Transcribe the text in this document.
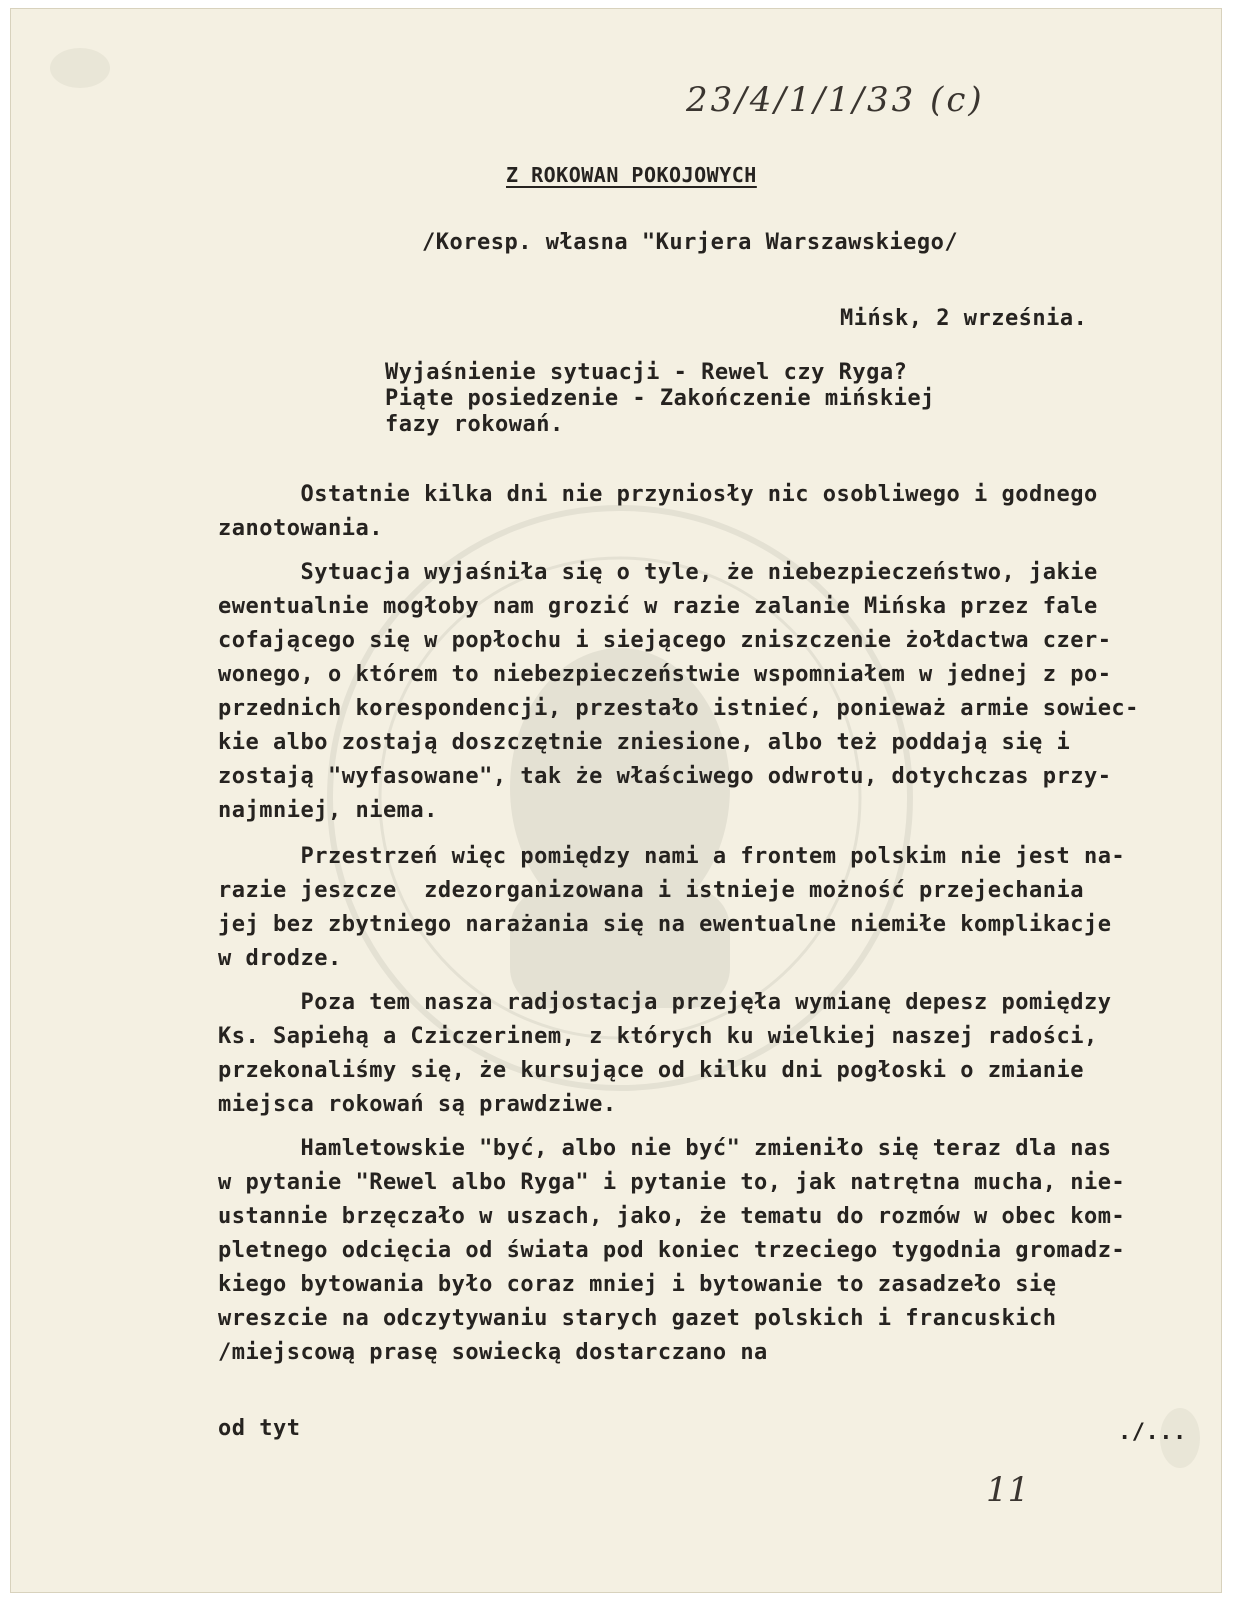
23/4/1/1/33 (c)
Z ROKOWAN POKOJOWYCH
/Koresp. własna "Kurjera Warszawskiego/
Mińsk, 2 września.
Wyjaśnienie sytuacji - Rewel czy Ryga?
Piąte posiedzenie - Zakończenie mińskiej
fazy rokowań.
Ostatnie kilka dni nie przyniosły nic osobliwego i godnego
zanotowania.
Sytuacja wyjaśniła się o tyle, że niebezpieczeństwo, jakie
ewentualnie mogłoby nam grozić w razie zalanie Mińska przez fale
cofającego się w popłochu i siejącego zniszczenie żołdactwa czer-
wonego, o którem to niebezpieczeństwie wspomniałem w jednej z po-
przednich korespondencji, przestało istnieć, ponieważ armie sowiec-
kie albo zostają doszczętnie zniesione, albo też poddają się i
zostają "wyfasowane", tak że właściwego odwrotu, dotychczas przy-
najmniej, niema.
Przestrzeń więc pomiędzy nami a frontem polskim nie jest na-
razie jeszcze  zdezorganizowana i istnieje możność przejechania
jej bez zbytniego narażania się na ewentualne niemiłe komplikacje
w drodze.
Poza tem nasza radjostacja przejęła wymianę depesz pomiędzy
Ks. Sapiehą a Cziczerinem, z których ku wielkiej naszej radości,
przekonaliśmy się, że kursujące od kilku dni pogłoski o zmianie
miejsca rokowań są prawdziwe.
Hamletowskie "być, albo nie być" zmieniło się teraz dla nas
w pytanie "Rewel albo Ryga" i pytanie to, jak natrętna mucha, nie-
ustannie brzęczało w uszach, jako, że tematu do rozmów w obec kom-
pletnego odcięcia od świata pod koniec trzeciego tygodnia gromadz-
kiego bytowania było coraz mniej i bytowanie to zasadzeło się
wreszcie na odczytywaniu starych gazet polskich i francuskich
/miejscową prasę sowiecką dostarczano na
od tyt	./...
11
